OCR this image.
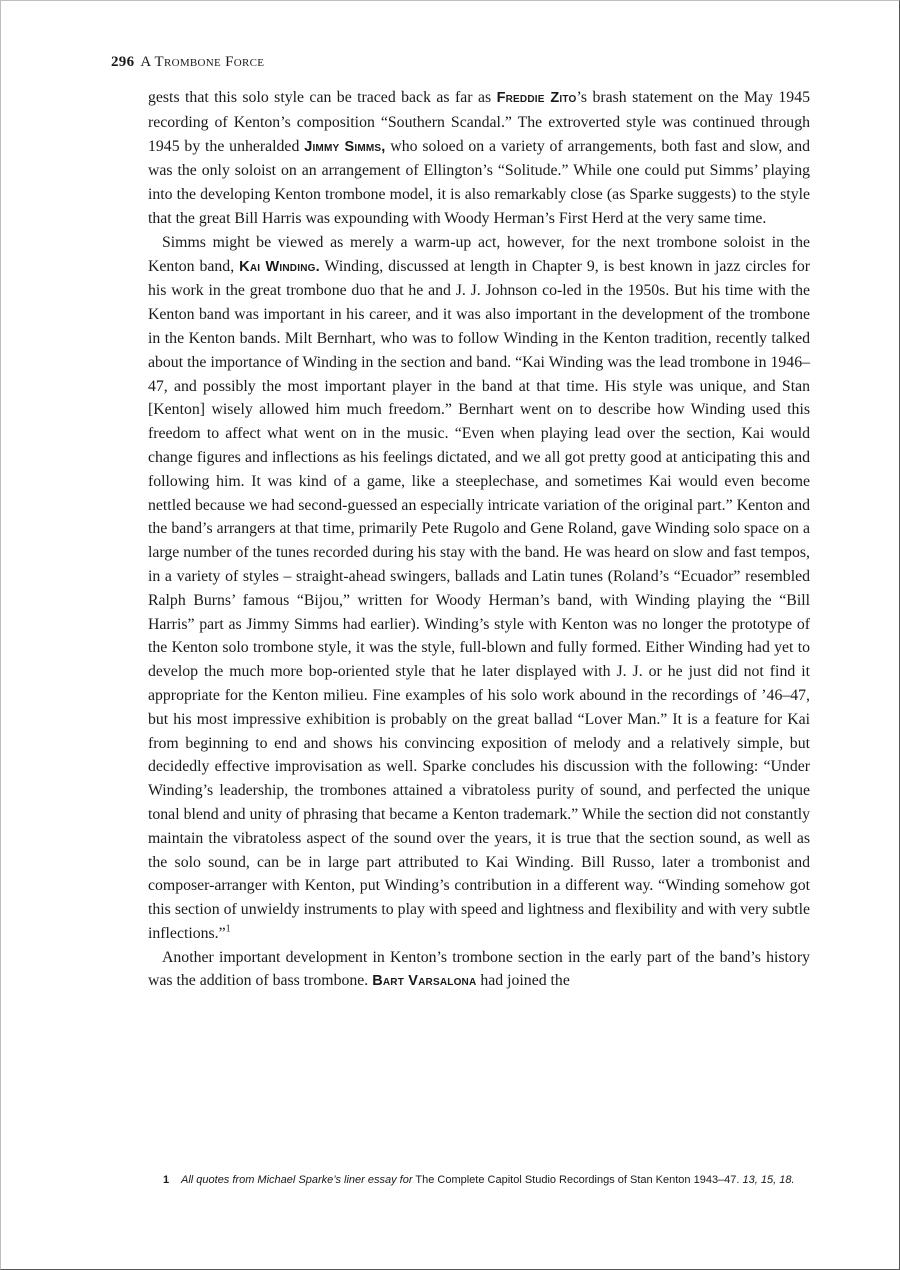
296 A Trombone Force

gests that this solo style can be traced back as far as Freddie Zito’s brash statement on the May 1945 recording of Kenton’s composition “Southern Scandal.” The extroverted style was continued through 1945 by the unheralded Jimmy Simms, who soloed on a variety of arrangements, both fast and slow, and was the only soloist on an arrangement of Ellington’s “Solitude.” While one could put Simms’ playing into the developing Kenton trombone model, it is also remarkably close (as Sparke suggests) to the style that the great Bill Harris was expounding with Woody Herman’s First Herd at the very same time.

Simms might be viewed as merely a warm-up act, however, for the next trombone soloist in the Kenton band, Kai Winding. Winding, discussed at length in Chapter 9, is best known in jazz circles for his work in the great trombone duo that he and J. J. Johnson co-led in the 1950s. But his time with the Kenton band was important in his career, and it was also important in the development of the trombone in the Kenton bands. Milt Bernhart, who was to follow Winding in the Kenton tradition, recently talked about the importance of Winding in the section and band. “Kai Winding was the lead trombone in 1946–47, and possibly the most important player in the band at that time. His style was unique, and Stan [Kenton] wisely allowed him much freedom.” Bernhart went on to describe how Winding used this freedom to affect what went on in the music. “Even when playing lead over the section, Kai would change figures and inflections as his feelings dictated, and we all got pretty good at anticipating this and following him. It was kind of a game, like a steeplechase, and sometimes Kai would even become nettled because we had second-guessed an especially intricate variation of the original part.” Kenton and the band’s arrangers at that time, primarily Pete Rugolo and Gene Roland, gave Winding solo space on a large number of the tunes recorded during his stay with the band. He was heard on slow and fast tempos, in a variety of styles – straight-ahead swingers, ballads and Latin tunes (Roland’s “Ecuador” resembled Ralph Burns’ famous “Bijou,” written for Woody Herman’s band, with Winding playing the “Bill Harris” part as Jimmy Simms had earlier). Winding’s style with Kenton was no longer the prototype of the Kenton solo trombone style, it was the style, full-blown and fully formed. Either Winding had yet to develop the much more bop-oriented style that he later displayed with J. J. or he just did not find it appropriate for the Kenton milieu. Fine examples of his solo work abound in the recordings of ’46–47, but his most impressive exhibition is probably on the great ballad “Lover Man.” It is a feature for Kai from beginning to end and shows his convincing exposition of melody and a relatively simple, but decidedly effective improvisation as well. Sparke concludes his discussion with the following: “Under Winding’s leadership, the trombones attained a vibratoless purity of sound, and perfected the unique tonal blend and unity of phrasing that became a Kenton trademark.” While the section did not constantly maintain the vibratoless aspect of the sound over the years, it is true that the section sound, as well as the solo sound, can be in large part attributed to Kai Winding. Bill Russo, later a trombonist and composer-arranger with Kenton, put Winding’s contribution in a different way. “Winding somehow got this section of unwieldy instruments to play with speed and lightness and flexibility and with very subtle inflections.”$^1$

Another important development in Kenton’s trombone section in the early part of the band’s history was the addition of bass trombone. Bart Varsalona had joined the

1	All quotes from Michael Sparke’s liner essay for The Complete Capitol Studio Recordings of Stan Kenton 1943–47. 13, 15, 18.
